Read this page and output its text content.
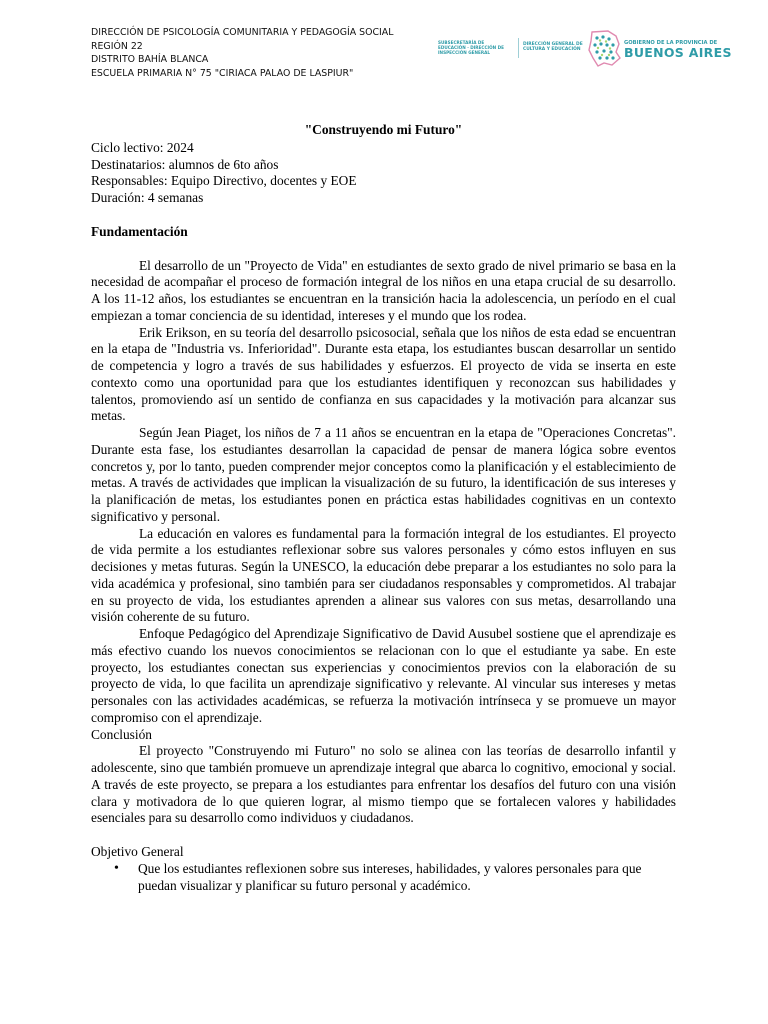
DIRECCIÓN DE PSICOLOGÍA COMUNITARIA Y PEDAGOGÍA SOCIAL
REGIÓN 22
DISTRITO BAHÍA BLANCA
ESCUELA PRIMARIA N° 75 "CIRIACA PALAO DE LASPIUR"
SUBSECRETARÍA DE EDUCACIÓN · DIRECCIÓN DE INSPECCIÓN GENERAL
DIRECCIÓN GENERAL DE CULTURA Y EDUCACIÓN
GOBIERNO DE LA PROVINCIA DE
BUENOS AIRES
"Construyendo mi Futuro"
Ciclo lectivo: 2024
Destinatarios: alumnos de 6to años
Responsables: Equipo Directivo, docentes y EOE
Duración: 4 semanas
Fundamentación

El desarrollo de un "Proyecto de Vida" en estudiantes de sexto grado de nivel primario se basa en la necesidad de acompañar el proceso de formación integral de los niños en una etapa crucial de su desarrollo. A los 11-12 años, los estudiantes se encuentran en la transición hacia la adolescencia, un período en el cual empiezan a tomar conciencia de su identidad, intereses y el mundo que los rodea.

Erik Erikson, en su teoría del desarrollo psicosocial, señala que los niños de esta edad se encuentran en la etapa de "Industria vs. Inferioridad". Durante esta etapa, los estudiantes buscan desarrollar un sentido de competencia y logro a través de sus habilidades y esfuerzos. El proyecto de vida se inserta en este contexto como una oportunidad para que los estudiantes identifiquen y reconozcan sus habilidades y talentos, promoviendo así un sentido de confianza en sus capacidades y la motivación para alcanzar sus metas.

Según Jean Piaget, los niños de 7 a 11 años se encuentran en la etapa de "Operaciones Concretas". Durante esta fase, los estudiantes desarrollan la capacidad de pensar de manera lógica sobre eventos concretos y, por lo tanto, pueden comprender mejor conceptos como la planificación y el establecimiento de metas. A través de actividades que implican la visualización de su futuro, la identificación de sus intereses y la planificación de metas, los estudiantes ponen en práctica estas habilidades cognitivas en un contexto significativo y personal.

La educación en valores es fundamental para la formación integral de los estudiantes. El proyecto de vida permite a los estudiantes reflexionar sobre sus valores personales y cómo estos influyen en sus decisiones y metas futuras. Según la UNESCO, la educación debe preparar a los estudiantes no solo para la vida académica y profesional, sino también para ser ciudadanos responsables y comprometidos. Al trabajar en su proyecto de vida, los estudiantes aprenden a alinear sus valores con sus metas, desarrollando una visión coherente de su futuro.

Enfoque Pedagógico del Aprendizaje Significativo de David Ausubel sostiene que el aprendizaje es más efectivo cuando los nuevos conocimientos se relacionan con lo que el estudiante ya sabe. En este proyecto, los estudiantes conectan sus experiencias y conocimientos previos con la elaboración de su proyecto de vida, lo que facilita un aprendizaje significativo y relevante. Al vincular sus intereses y metas personales con las actividades académicas, se refuerza la motivación intrínseca y se promueve un mayor compromiso con el aprendizaje.

Conclusión

El proyecto "Construyendo mi Futuro" no solo se alinea con las teorías de desarrollo infantil y adolescente, sino que también promueve un aprendizaje integral que abarca lo cognitivo, emocional y social. A través de este proyecto, se prepara a los estudiantes para enfrentar los desafíos del futuro con una visión clara y motivadora de lo que quieren lograr, al mismo tiempo que se fortalecen valores y habilidades esenciales para su desarrollo como individuos y ciudadanos.

Objetivo General
• Que los estudiantes reflexionen sobre sus intereses, habilidades, y valores personales para que puedan visualizar y planificar su futuro personal y académico.
